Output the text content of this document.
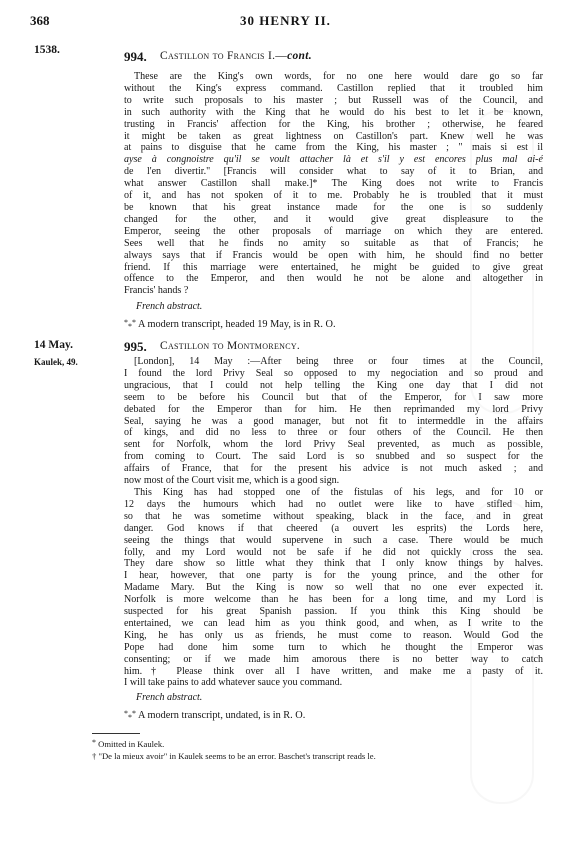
368	30 HENRY II.
1538.	994. Castillon to Francis I.—cont.
These are the King's own words, for no one here would dare go so far
without the King's express command. Castillon replied that it troubled him
to write such proposals to his master ; but Russell was of the Council, and
in such authority with the King that he would do his best to let it be known,
trusting in Francis' affection for the King, his brother ; otherwise, he feared
it might be taken as great lightness on Castillon's part. Knew well he was
at pains to disguise that he came from the King, his master ; " mais si est il
ayse à congnoistre qu'il se voult attacher là et s'il y est encores plus mal ai-é
de l'en divertir." [Francis will consider what to say of it to Brian, and
what answer Castillon shall make.]* The King does not write to Francis
of it, and has not spoken of it to me. Probably he is troubled that it must
be known that his great instance made for the one is so suddenly
changed for the other, and it would give great displeasure to the
Emperor, seeing the other proposals of marriage on which they are entered.
Sees well that he finds no amity so suitable as that of Francis; he
always says that if Francis would be open with him, he should find no better
friend. If this marriage were entertained, he might be guided to give great
offence to the Emperor, and then would he not be alone and altogether in
Francis' hands ?
French abstract.
*** A modern transcript, headed 19 May, is in R. O.
14 May.	995. Castillon to Montmorency.
Kaulek, 49.	[London], 14 May :—After being three or four times at the Council,
I found the lord Privy Seal so opposed to my negociation and so proud and
ungracious, that I could not help telling the King one day that I did not
seem to be before his Council but that of the Emperor, for I saw more
debated for the Emperor than for him. He then reprimanded my lord Privy
Seal, saying he was a good manager, but not fit to intermeddle in the affairs
of kings, and did no less to three or four others of the Council. He then
sent for Norfolk, whom the lord Privy Seal prevented, as much as possible,
from coming to Court. The said Lord is so snubbed and so suspect for the
affairs of France, that for the present his advice is not much asked ; and
now most of the Court visit me, which is a good sign.
This King has had stopped one of the fistulas of his legs, and for 10 or
12 days the humours which had no outlet were like to have stifled him,
so that he was sometime without speaking, black in the face, and in great
danger. God knows if that cheered (a ouvert les esprits) the Lords here,
seeing the things that would supervene in such a case. There would be much
folly, and my Lord would not be safe if he did not quickly cross the sea.
They dare show so little what they think that I only know things by halves.
I hear, however, that one party is for the young prince, and the other for
Madame Mary. But the King is now so well that no one ever expected it.
Norfolk is more welcome than he has been for a long time, and my Lord is
suspected for his great Spanish passion. If you think this King should be
entertained, we can lead him as you think good, and when, as I write to the
King, he has only us as friends, he must come to reason. Would God the
Pope had done him some turn to which he thought the Emperor was
consenting; or if we made him amorous there is no better way to catch
him.† Please think over all I have written, and make me a pasty of it.
I will take pains to add whatever sauce you command.
French abstract.
*** A modern transcript, undated, is in R. O.
* Omitted in Kaulek.
† "De la mieux avoir" in Kaulek seems to be an error. Baschet's transcript reads le.
